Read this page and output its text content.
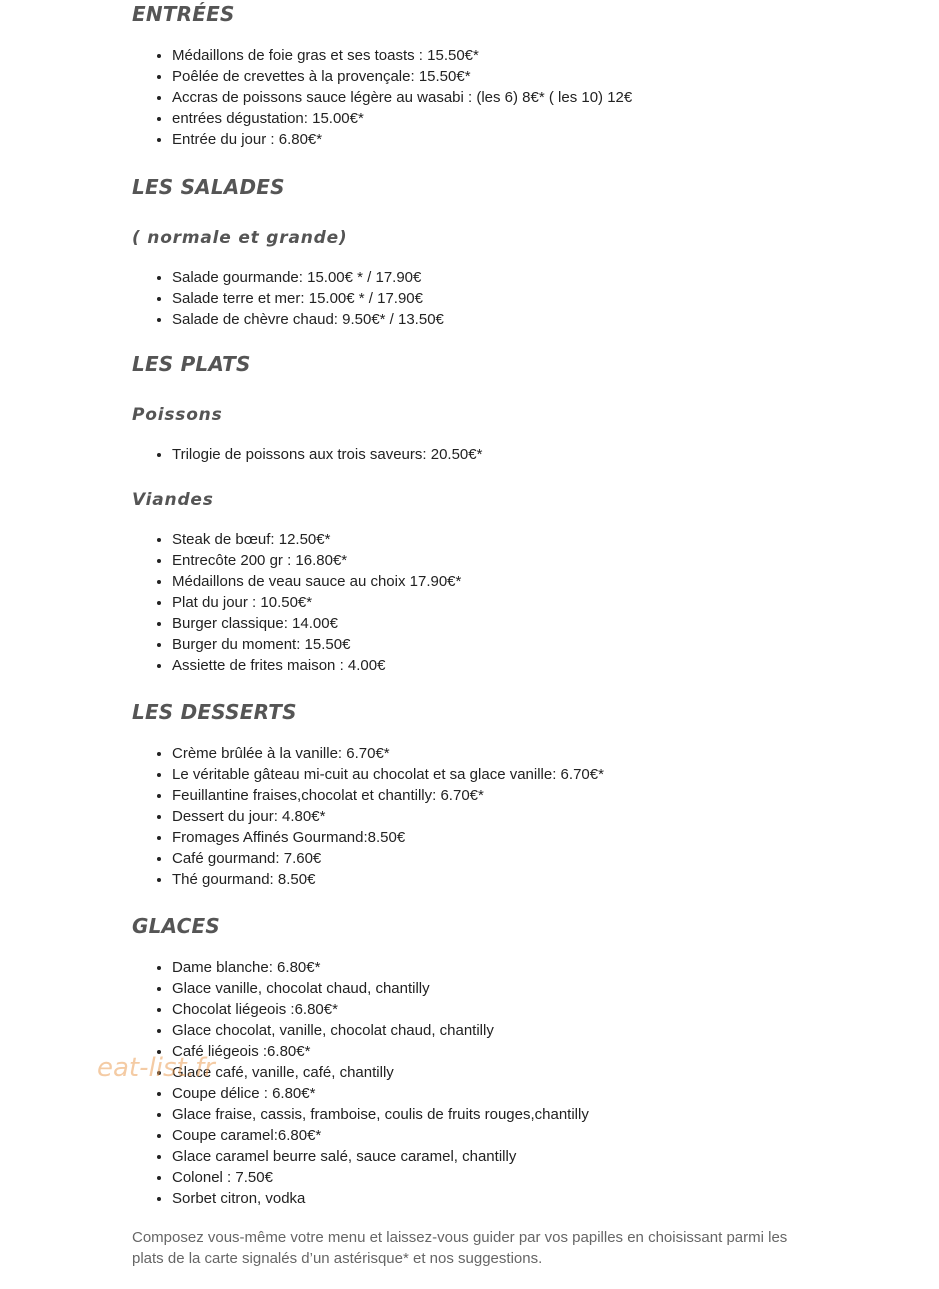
ENTRÉES
• Médaillons de foie gras et ses toasts : 15.50€*
• Poêlée de crevettes à la provençale: 15.50€*
• Accras de poissons sauce légère au wasabi : (les 6) 8€* ( les 10) 12€
• entrées dégustation: 15.00€*
• Entrée du jour : 6.80€*
LES SALADES
( normale et grande)
• Salade gourmande: 15.00€ * / 17.90€
• Salade terre et mer: 15.00€ * / 17.90€
• Salade de chèvre chaud: 9.50€* / 13.50€
LES PLATS
Poissons
• Trilogie de poissons aux trois saveurs: 20.50€*
Viandes
• Steak de bœuf: 12.50€*
• Entrecôte 200 gr : 16.80€*
• Médaillons de veau sauce au choix 17.90€*
• Plat du jour : 10.50€*
• Burger classique: 14.00€
• Burger du moment: 15.50€
• Assiette de frites maison : 4.00€
LES DESSERTS
• Crème brûlée à la vanille: 6.70€*
• Le véritable gâteau mi-cuit au chocolat et sa glace vanille: 6.70€*
• Feuillantine fraises,chocolat et chantilly: 6.70€*
• Dessert du jour: 4.80€*
• Fromages Affinés Gourmand:8.50€
• Café gourmand: 7.60€
• Thé gourmand: 8.50€
GLACES
• Dame blanche: 6.80€*
• Glace vanille, chocolat chaud, chantilly
• Chocolat liégeois :6.80€*
• Glace chocolat, vanille, chocolat chaud, chantilly
• Café liégeois :6.80€*
• Glace café, vanille, café, chantilly
• Coupe délice : 6.80€*
• Glace fraise, cassis, framboise, coulis de fruits rouges,chantilly
• Coupe caramel:6.80€*
• Glace caramel beurre salé, sauce caramel, chantilly
• Colonel : 7.50€
• Sorbet citron, vodka

Composez vous-même votre menu et laissez-vous guider par vos papilles en choisissant parmi les
plats de la carte signalés d’un astérisque* et nos suggestions.

eat-list.fr
